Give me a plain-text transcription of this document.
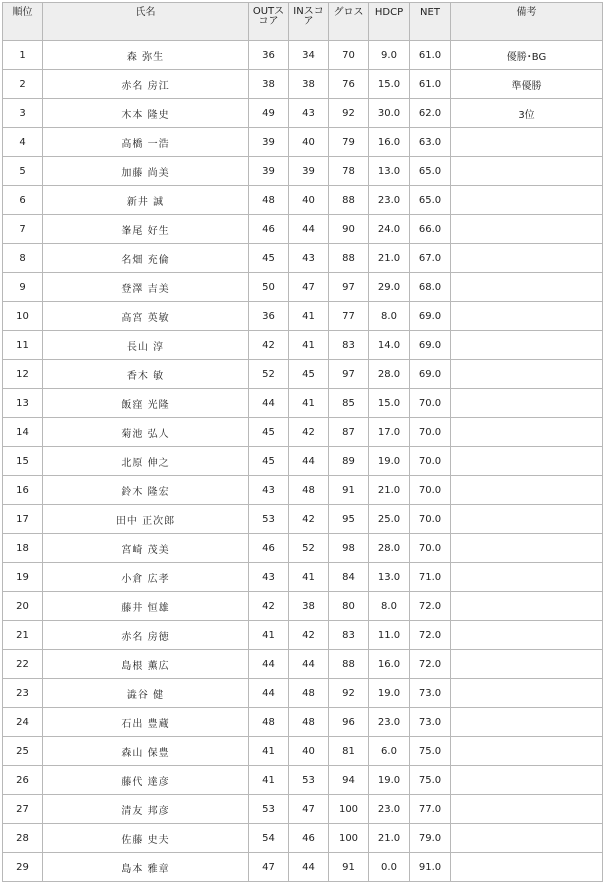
順位	氏名	OUTスコア	INスコア	グロス	HDCP	NET	備考
1	森 弥生	36	34	70	9.0	61.0	優勝･BG
2	赤名 房江	38	38	76	15.0	61.0	準優勝
3	木本 隆史	49	43	92	30.0	62.0	3位
4	高橋 一浩	39	40	79	16.0	63.0	
5	加藤 尚美	39	39	78	13.0	65.0	
6	新井 誠	48	40	88	23.0	65.0	
7	峯尾 好生	46	44	90	24.0	66.0	
8	名畑 充倫	45	43	88	21.0	67.0	
9	登澤 吉美	50	47	97	29.0	68.0	
10	高宮 英敏	36	41	77	8.0	69.0	
11	長山 淳	42	41	83	14.0	69.0	
12	香木 敏	52	45	97	28.0	69.0	
13	飯窪 光隆	44	41	85	15.0	70.0	
14	菊池 弘人	45	42	87	17.0	70.0	
15	北原 伸之	45	44	89	19.0	70.0	
16	鈴木 隆宏	43	48	91	21.0	70.0	
17	田中 正次郎	53	42	95	25.0	70.0	
18	宮崎 茂美	46	52	98	28.0	70.0	
19	小倉 広孝	43	41	84	13.0	71.0	
20	藤井 恒雄	42	38	80	8.0	72.0	
21	赤名 房徳	41	42	83	11.0	72.0	
22	島根 薫広	44	44	88	16.0	72.0	
23	澁谷 健	44	48	92	19.0	73.0	
24	石出 豊蔵	48	48	96	23.0	73.0	
25	森山 保豊	41	40	81	6.0	75.0	
26	藤代 達彦	41	53	94	19.0	75.0	
27	清友 邦彦	53	47	100	23.0	77.0	
28	佐藤 史夫	54	46	100	21.0	79.0	
29	島本 雅章	47	44	91	0.0	91.0	
